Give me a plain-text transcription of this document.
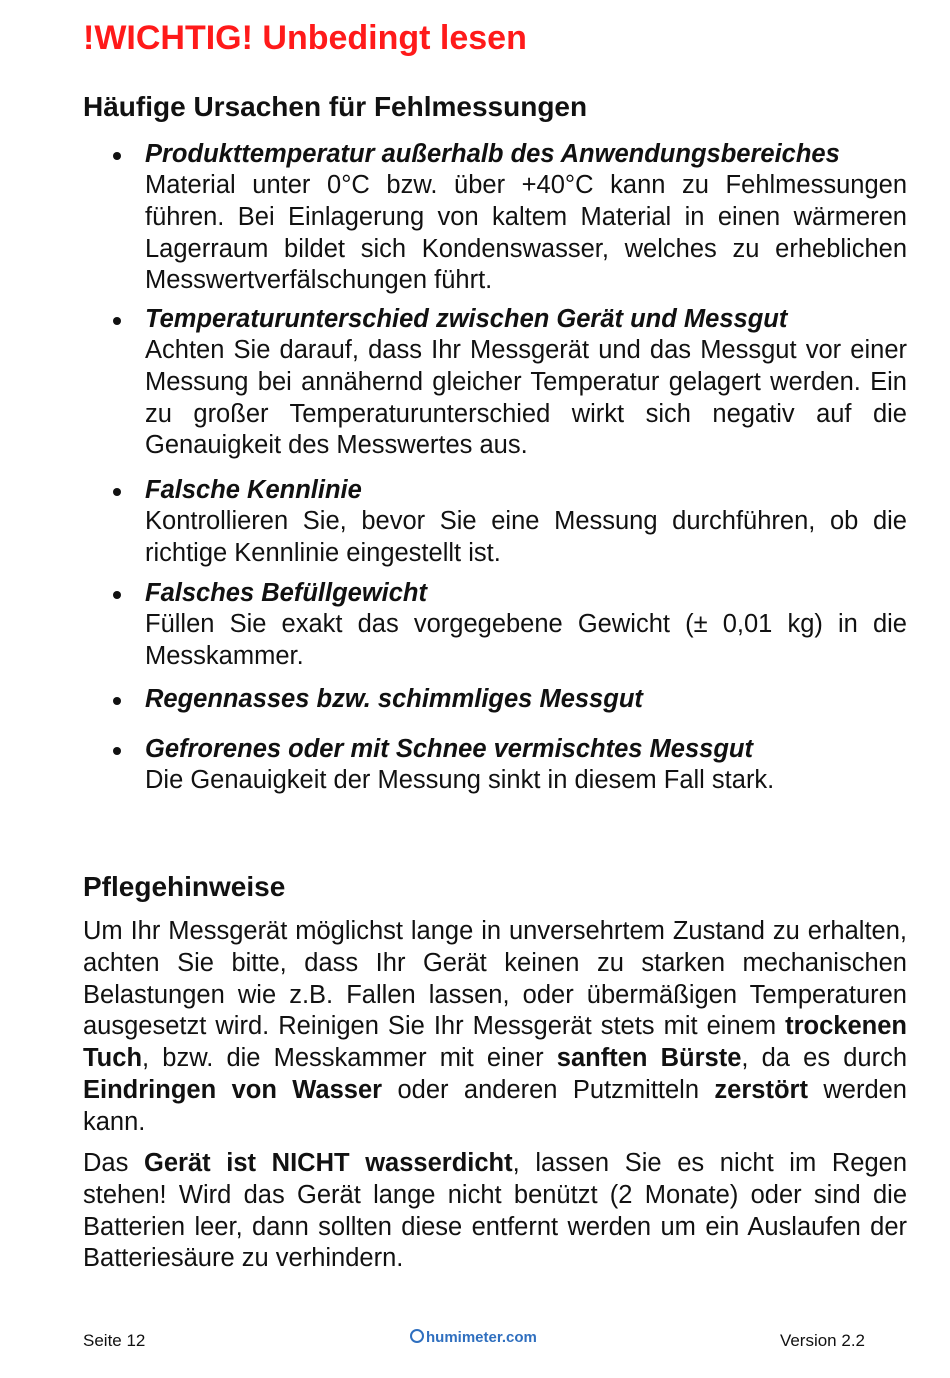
!WICHTIG! Unbedingt lesen
Häufige Ursachen für Fehlmessungen
Produkttemperatur außerhalb des Anwendungsbereiches
Material unter 0°C bzw. über +40°C kann zu Fehlmessungen führen. Bei Einlagerung von kaltem Material in einen wärmeren Lagerraum bildet sich Kondenswasser, welches zu erheblichen Messwertverfälschungen führt.
Temperaturunterschied zwischen Gerät und Messgut
Achten Sie darauf, dass Ihr Messgerät und das Messgut vor einer Messung bei annähernd gleicher Temperatur gelagert werden. Ein zu großer Temperaturunterschied wirkt sich negativ auf die Genauigkeit des Messwertes aus.
Falsche Kennlinie
Kontrollieren Sie, bevor Sie eine Messung durchführen, ob die richtige Kennlinie eingestellt ist.
Falsches Befüllgewicht
Füllen Sie exakt das vorgegebene Gewicht (± 0,01 kg) in die Messkammer.
Regennasses bzw. schimmliges Messgut
Gefrorenes oder mit Schnee vermischtes Messgut
Die Genauigkeit der Messung sinkt in diesem Fall stark.
Pflegehinweise

Um Ihr Messgerät möglichst lange in unversehrtem Zustand zu erhalten, achten Sie bitte, dass Ihr Gerät keinen zu starken mechanischen Belastungen wie z.B. Fallen lassen, oder übermäßigen Temperaturen ausgesetzt wird. Reinigen Sie Ihr Messgerät stets mit einem trockenen Tuch, bzw. die Messkammer mit einer sanften Bürste, da es durch Eindringen von Wasser oder anderen Putzmitteln zerstört werden kann.

Das Gerät ist NICHT wasserdicht, lassen Sie es nicht im Regen stehen! Wird das Gerät lange nicht benützt (2 Monate) oder sind die Batterien leer, dann sollten diese entfernt werden um ein Auslaufen der Batteriesäure zu verhindern.

Seite 12	humimeter.com	Version 2.2
